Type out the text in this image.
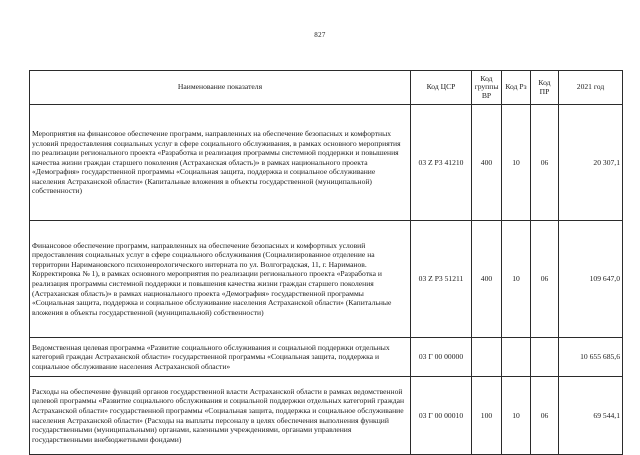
827
Наименование показателя	Код ЦСР	Код группы ВР	Код Рз	Код ПР	2021 год
Мероприятия на финансовое обеспечение программ, направленных на обеспечение безопасных и комфортных условий предоставления социальных услуг в сфере социального обслуживания, в рамках основного мероприятия по реализации регионального проекта «Разработка и реализация программы системной поддержки и повышения качества жизни граждан старшего поколения (Астраханская область)» в рамках национального проекта «Демография» государственной программы «Социальная защита, поддержка и социальное обслуживание населения Астраханской области» (Капитальные вложения в объекты государственной (муниципальной) собственности)	03 Z P3 41210	400	10	06	20 307,1
Финансовое обеспечение программ, направленных на обеспечение безопасных и комфортных условий предоставления социальных услуг в сфере социального обслуживания (Социализированное отделение на территории Наримановского психоневрологического интерната по ул. Волгоградская, 11, г. Нариманов. Корректировка № 1), в рамках основного мероприятия по реализации регионального проекта «Разработка и реализация программы системной поддержки и повышения качества жизни граждан старшего поколения (Астраханская область)» в рамках национального проекта «Демография» государственной программы «Социальная защита, поддержка и социальное обслуживание населения Астраханской области» (Капитальные вложения в объекты государственной (муниципальной) собственности)	03 Z P3 51211	400	10	06	109 647,0
Ведомственная целевая программа «Развитие социального обслуживания и социальной поддержки отдельных категорий граждан Астраханской области» государственной программы «Социальная защита, поддержка и социальное обслуживание населения Астраханской области»	03 Г 00 00000				10 655 685,6
Расходы на обеспечение функций органов государственной власти Астраханской области в рамках ведомственной целевой программы «Развитие социального обслуживания и социальной поддержки отдельных категорий граждан Астраханской области» государственной программы «Социальная защита, поддержка и социальное обслуживание населения Астраханской области» (Расходы на выплаты персоналу в целях обеспечения выполнения функций государственными (муниципальными) органами, казенными учреждениями, органами управления государственными внебюджетными фондами)	03 Г 00 00010	100	10	06	69 544,1
